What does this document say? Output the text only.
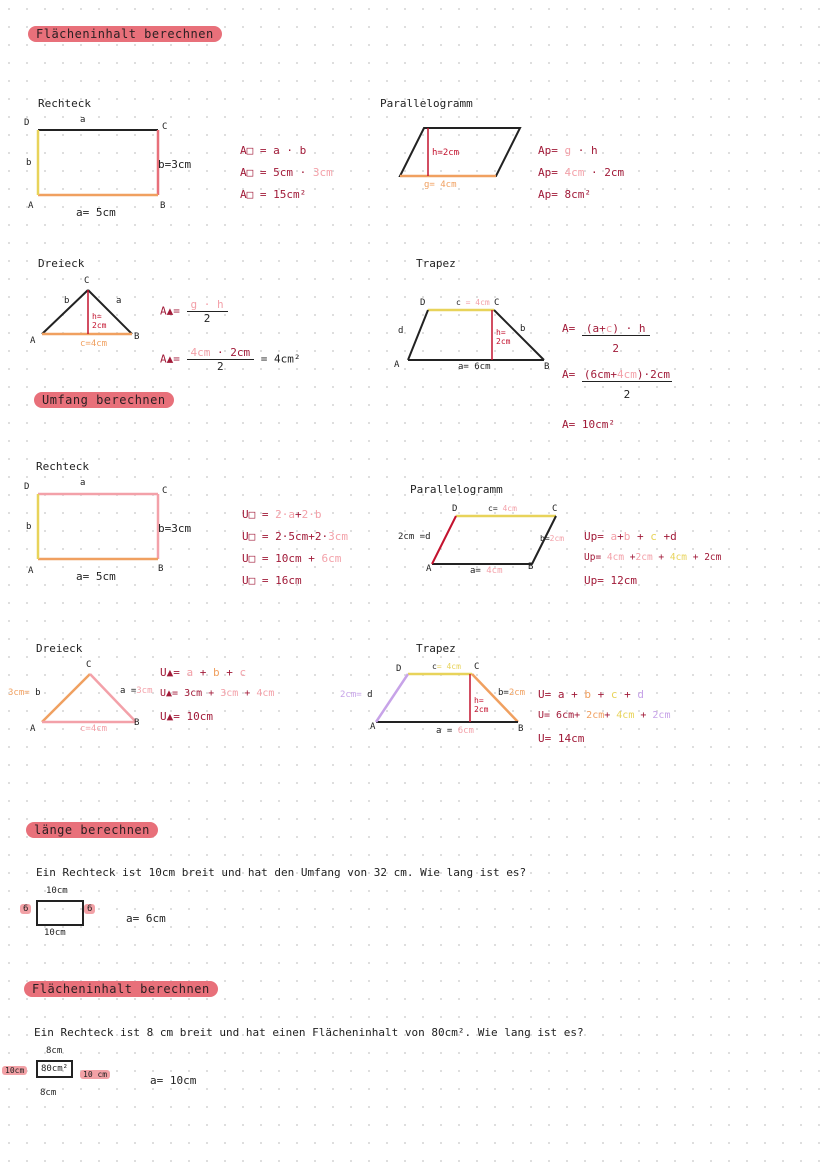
Flächeninhalt berechnen
Rechteck
D	C
A	B
a
b	b=3cm
a= 5cm
A□ = a · b
A□ = 5cm · 3cm
A□ = 15cm²
Parallelogramm
h=2cm
g= 4cm
Ap= g · h
Ap= 4cm · 2cm
Ap= 8cm²
Dreieck
C
A	B
b	a
h= 2cm
c=4cm
A▲= $\frac{g \cdot h}{2}$
A▲= $\frac{4cm \cdot 2cm}{2} = 4cm^2$
Trapez
D	c = 4cm C
d	b
h= 2cm
A	B
a= 6cm
$A= \frac{(a+c) \cdot h}{2}$
$A= \frac{(6cm+4cm)\cdot 2cm}{2}$
A= 10cm²
Umfang berechnen
Rechteck
D	C
A	B
a
b	b=3cm
a= 5cm
U□ = 2·a+2·b
U□ = 2·5cm+2·3cm
U□ = 10cm + 6cm
U□ = 16cm
Parallelogramm
D	c= 4cm	C
2cm =d	b=2cm
A	B
a= 4cm
Up= a+b + c +d
Up= 4cm +2cm + 4cm + 2cm
Up= 12cm
Dreieck
C
A
B
3cm= b	a =3cm
c=4cm
U▲= a + b + c
U▲= 3cm + 3cm + 4cm
U▲= 10cm
Trapez
D	c= 4cm C
2cm= d	b=2cm
h= 2cm
A	B
a = 6cm
U= a + b + c + d
U= 6cm+ 2cm+ 4cm + 2cm
U= 14cm
länge berechnen
Ein Rechteck ist 10cm breit und hat den Umfang von 32 cm. Wie lang ist es?
10cm
6	6
10cm
a= 6cm
Flächeninhalt berechnen
Ein Rechteck ist 8 cm breit und hat einen Flächeninhalt von 80cm². Wie lang ist es?
8cm
80cm²
10cm	10 cm
8cm
a= 10cm
